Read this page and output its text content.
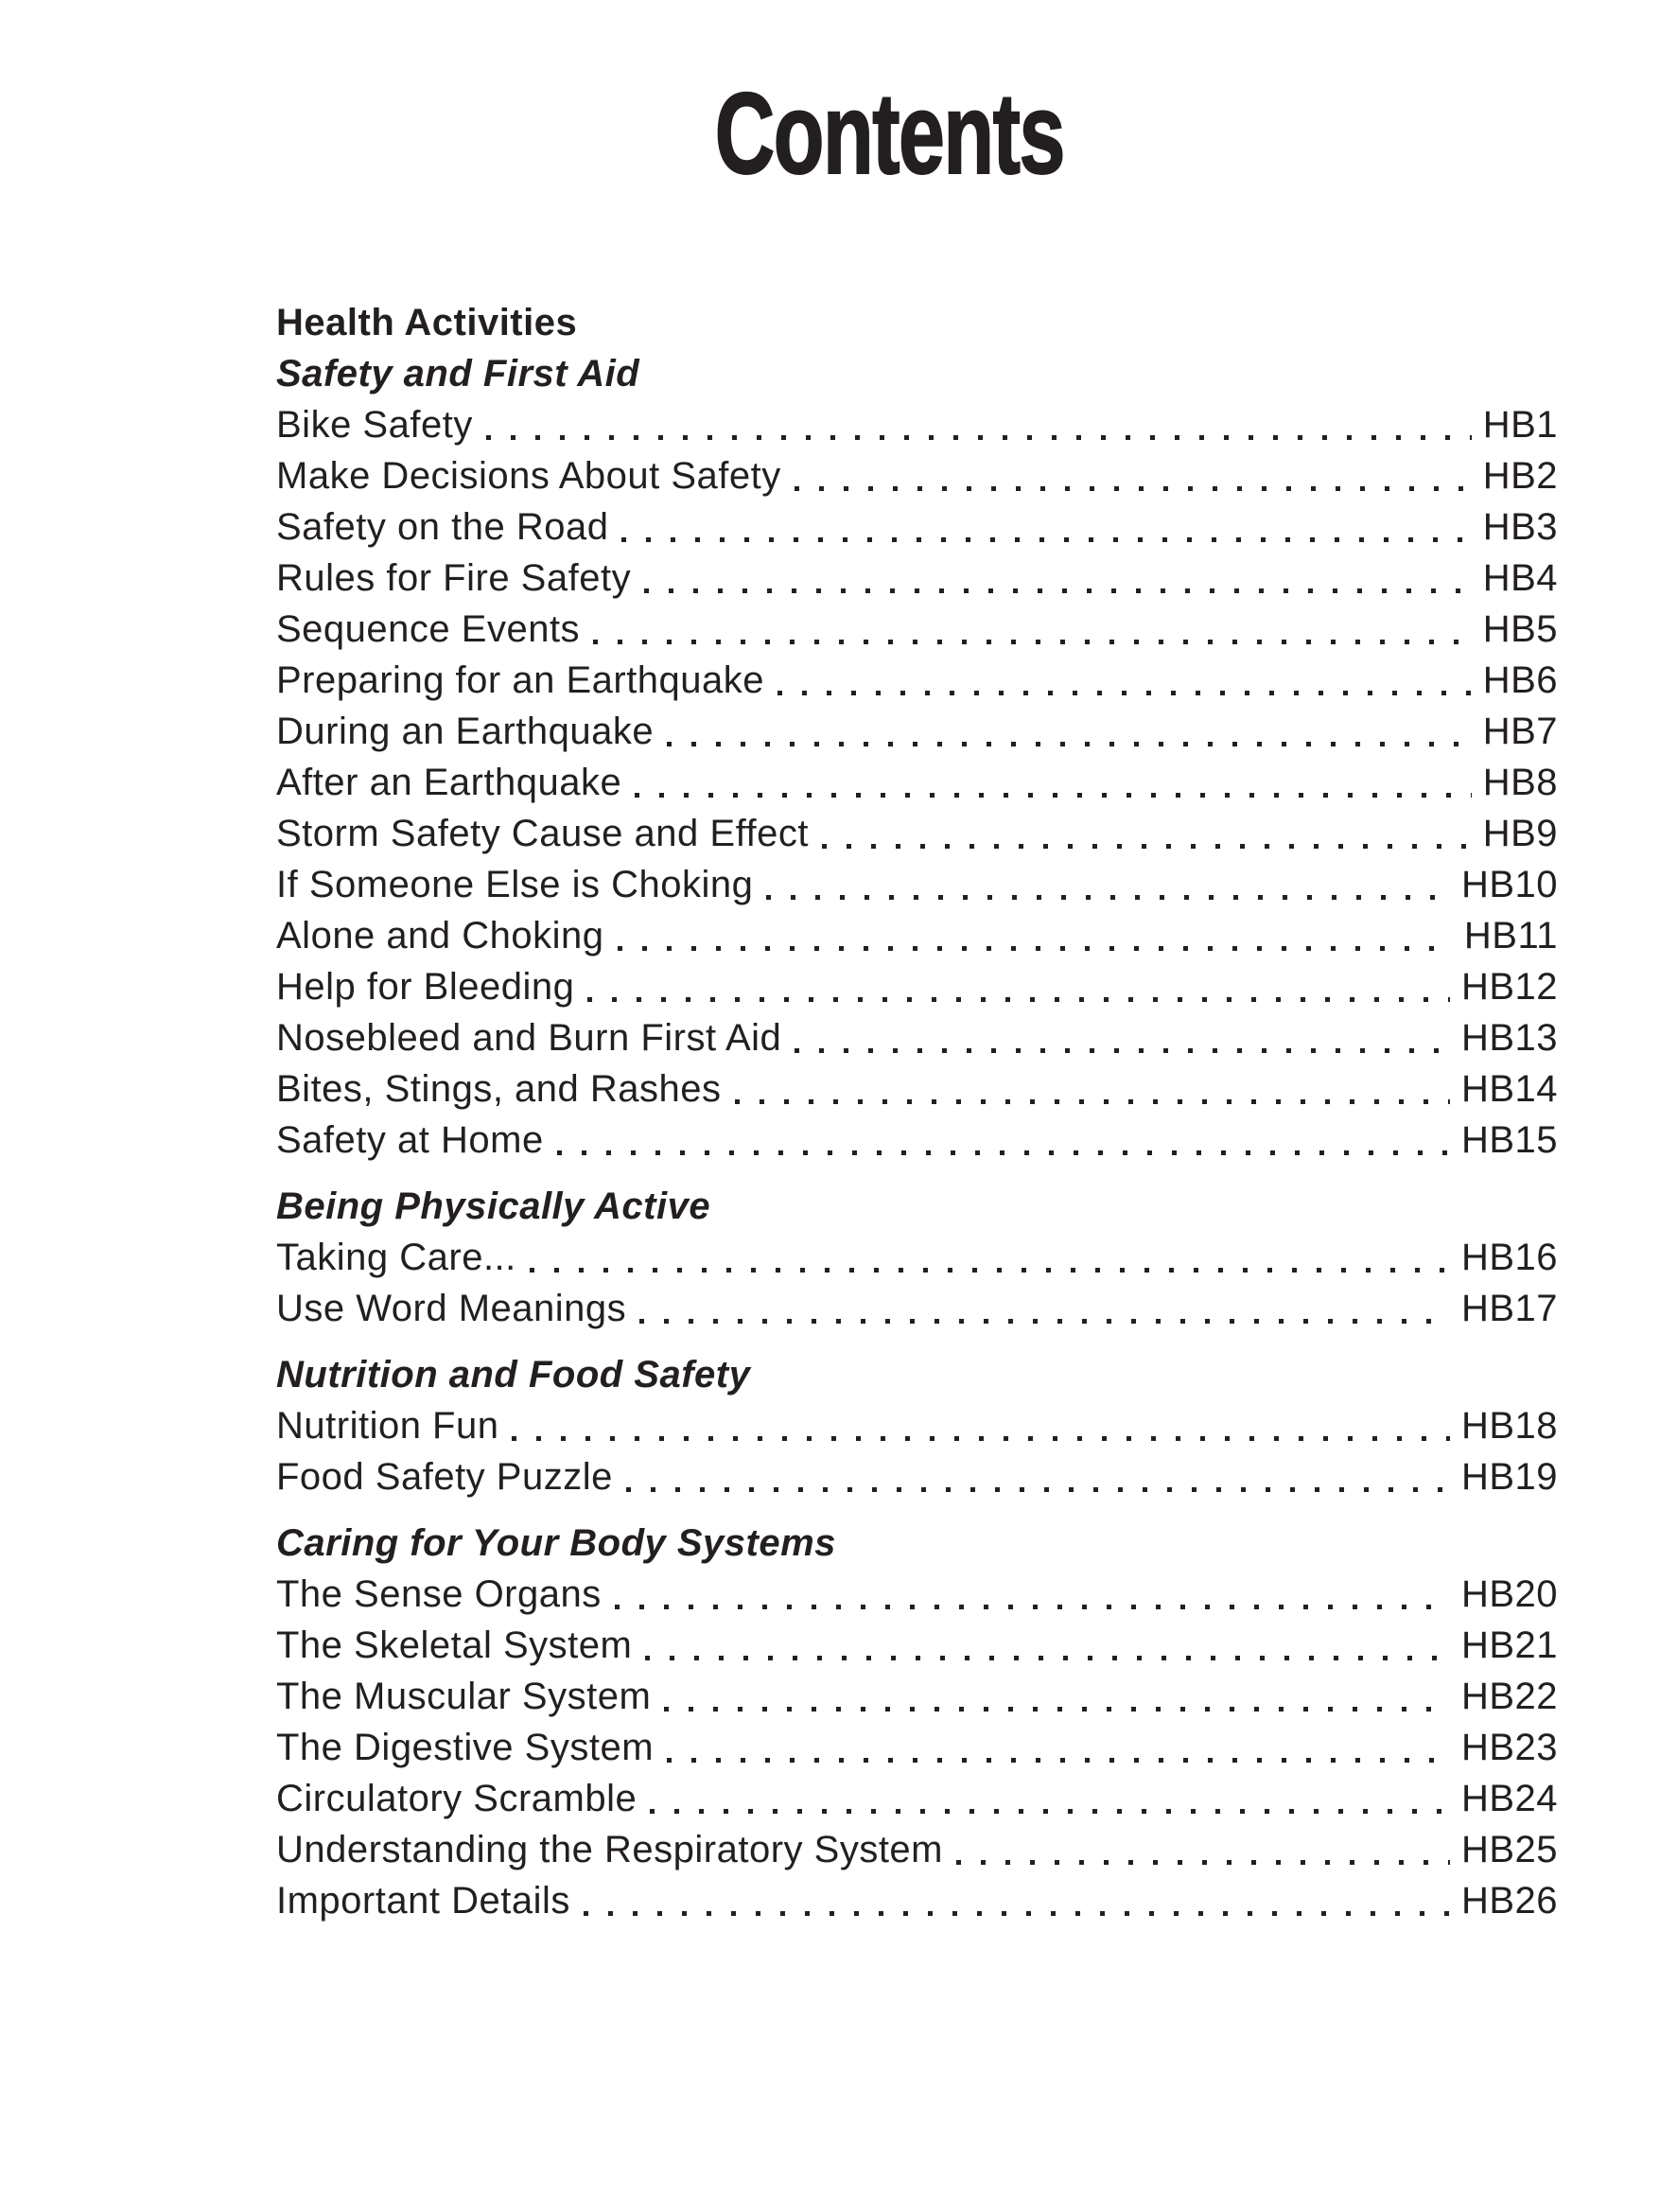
Contents
Health Activities
Safety and First Aid
Bike Safety	HB1
Make Decisions About Safety	HB2
Safety on the Road	HB3
Rules for Fire Safety	HB4
Sequence Events	HB5
Preparing for an Earthquake	HB6
During an Earthquake	HB7
After an Earthquake	HB8
Storm Safety Cause and Effect	HB9
If Someone Else is Choking	HB10
Alone and Choking	HB11
Help for Bleeding	HB12
Nosebleed and Burn First Aid	HB13
Bites, Stings, and Rashes	HB14
Safety at Home	HB15
Being Physically Active
Taking Care...	HB16
Use Word Meanings	HB17
Nutrition and Food Safety
Nutrition Fun	HB18
Food Safety Puzzle	HB19
Caring for Your Body Systems
The Sense Organs	HB20
The Skeletal System	HB21
The Muscular System	HB22
The Digestive System	HB23
Circulatory Scramble	HB24
Understanding the Respiratory System	HB25
Important Details	HB26
